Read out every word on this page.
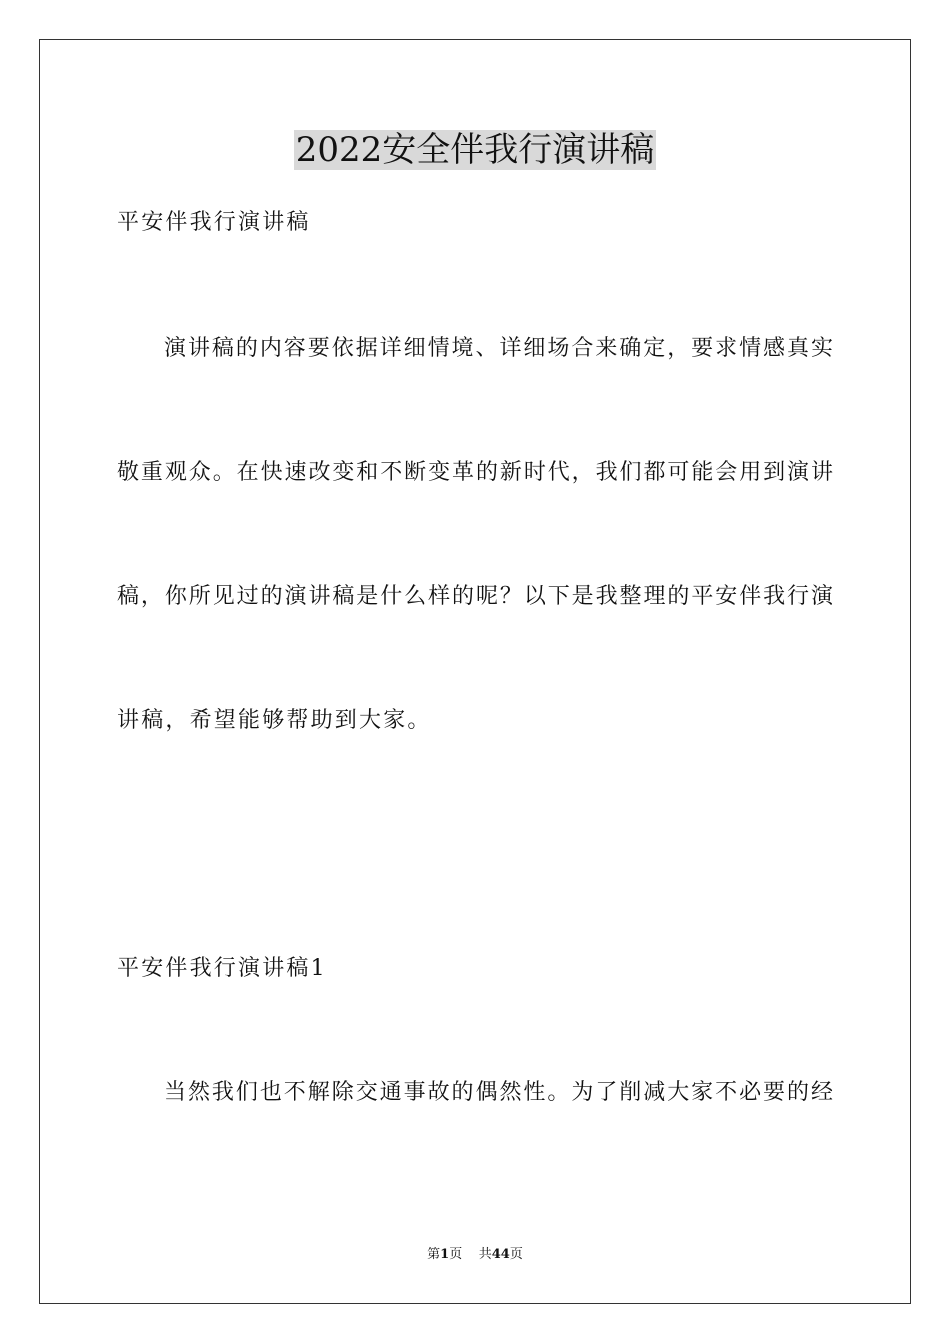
2022安全伴我行演讲稿
平安伴我行演讲稿
演讲稿的内容要依据详细情境、详细场合来确定，要求情感真实
敬重观众。在快速改变和不断变革的新时代，我们都可能会用到演讲
稿，你所见过的演讲稿是什么样的呢？以下是我整理的平安伴我行演
讲稿，希望能够帮助到大家。
平安伴我行演讲稿1
当然我们也不解除交通事故的偶然性。为了削减大家不必要的经
第1页 共44页
